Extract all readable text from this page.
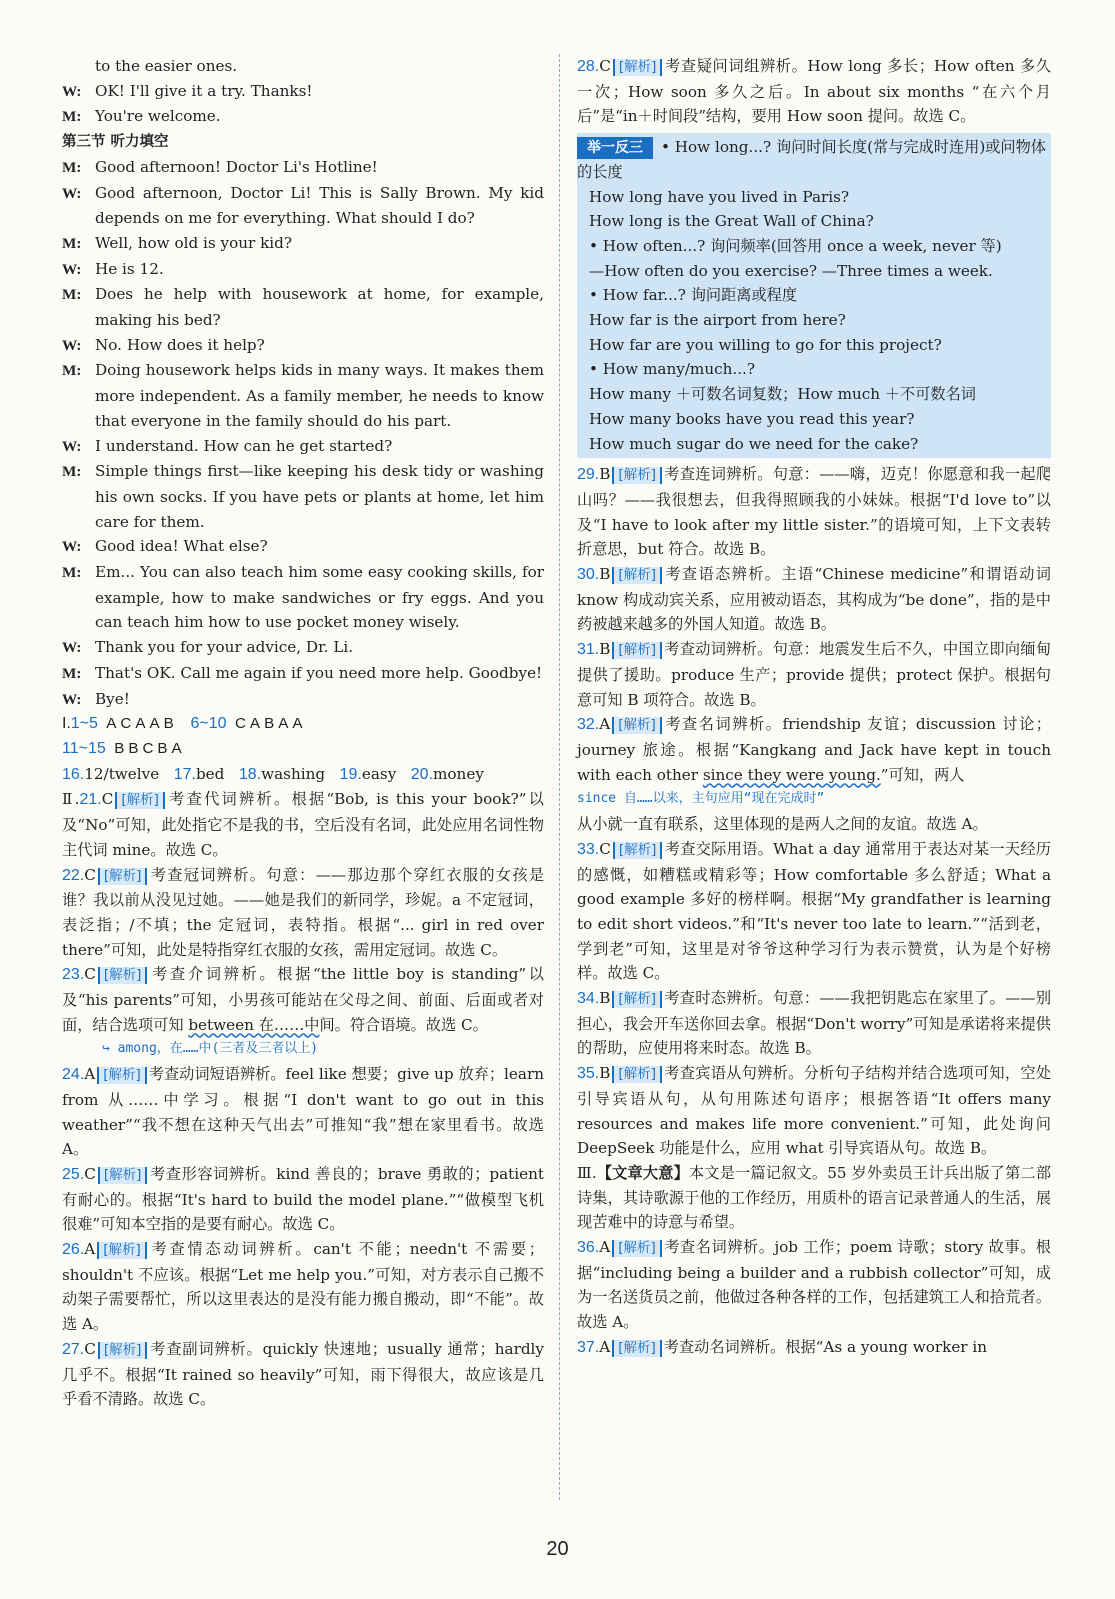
to the easier ones.

W: OK! I'll give it a try. Thanks!

M: You're welcome.

第三节 听力填空

M: Good afternoon! Doctor Li's Hotline!

W: Good afternoon, Doctor Li! This is Sally Brown. My kid depends on me for everything. What should I do?

M: Well, how old is your kid?

W: He is 12.

M: Does he help with housework at home, for example, making his bed?

W: No. How does it help?

M: Doing housework helps kids in many ways. It makes them more independent. As a family member, he needs to know that everyone in the family should do his part.

W: I understand. How can he get started?

M: Simple things first—like keeping his desk tidy or washing his own socks. If you have pets or plants at home, let him care for them.

W: Good idea! What else?

M: Em... You can also teach him some easy cooking skills, for example, how to make sandwiches or fry eggs. And you can teach him how to use pocket money wisely.

W: Thank you for your advice, Dr. Li.

M: That's OK. Call me again if you need more help. Goodbye!

W: Bye!

Ⅰ.1~5 ACAAB 6~10 CABAA

11~15 BBCBA

16.12/twelve 17.bed 18.washing 19.easy 20.money

Ⅱ.21.C [解析] 考查代词辨析。根据“Bob, is this your book?”以及“No”可知，此处指它不是我的书，空后没有名词，此处应用名词性物主代词 mine。故选 C。

22.C [解析] 考查冠词辨析。句意：——那边那个穿红衣服的女孩是谁？我以前从没见过她。——她是我们的新同学，珍妮。a 不定冠词，表泛指；/不填；the 定冠词，表特指。根据“... girl in red over there”可知，此处是特指穿红衣服的女孩，需用定冠词。故选 C。

23.C [解析] 考查介词辨析。根据“the little boy is standing”以及“his parents”可知，小男孩可能站在父母之间、前面、后面或者对面，结合选项可知 between 在……中间。符合语境。故选 C。

↪ among，在……中(三者及三者以上)

24.A [解析] 考查动词短语辨析。feel like 想要；give up 放弃；learn from 从……中学习。根据“I don't want to go out in this weather”“我不想在这种天气出去”可推知“我”想在家里看书。故选 A。

25.C [解析] 考查形容词辨析。kind 善良的；brave 勇敢的；patient 有耐心的。根据“It's hard to build the model plane.”“做模型飞机很难”可知本空指的是要有耐心。故选 C。

26.A [解析] 考查情态动词辨析。can't 不能；needn't 不需要；shouldn't 不应该。根据“Let me help you.”可知，对方表示自己搬不动架子需要帮忙，所以这里表达的是没有能力搬自搬动，即“不能”。故选 A。

27.C [解析] 考查副词辨析。quickly 快速地；usually 通常；hardly 几乎不。根据“It rained so heavily”可知，雨下得很大，故应该是几乎看不清路。故选 C。

28.C [解析] 考查疑问词组辨析。How long 多长；How often 多久一次；How soon 多久之后。In about six months “在六个月后”是“in＋时间段”结构，要用 How soon 提问。故选 C。

举一反三 • How long...? 询问时间长度(常与完成时连用)或问物体的长度

How long have you lived in Paris?

How long is the Great Wall of China?

• How often...? 询问频率(回答用 once a week, never 等)

—How often do you exercise? —Three times a week.

• How far...? 询问距离或程度

How far is the airport from here?

How far are you willing to go for this project?

• How many/much...?

How many ＋可数名词复数；How much ＋不可数名词

How many books have you read this year?

How much sugar do we need for the cake?

29.B [解析] 考查连词辨析。句意：——嗨，迈克！你愿意和我一起爬山吗？——我很想去，但我得照顾我的小妹妹。根据“I'd love to”以及“I have to look after my little sister.”的语境可知，上下文表转折意思，but 符合。故选 B。

30.B [解析] 考查语态辨析。主语“Chinese medicine”和谓语动词 know 构成动宾关系，应用被动语态，其构成为“be done”，指的是中药被越来越多的外国人知道。故选 B。

31.B [解析] 考查动词辨析。句意：地震发生后不久，中国立即向缅甸提供了援助。produce 生产；provide 提供；protect 保护。根据句意可知 B 项符合。故选 B。

32.A [解析] 考查名词辨析。friendship 友谊；discussion 讨论；journey 旅途。根据“Kangkang and Jack have kept in touch with each other since they were young.”可知，两人

since 自……以来，主句应用“现在完成时”

从小就一直有联系，这里体现的是两人之间的友谊。故选 A。

33.C [解析] 考查交际用语。What a day 通常用于表达对某一天经历的感慨，如糟糕或精彩等；How comfortable 多么舒适；What a good example 多好的榜样啊。根据“My grandfather is learning to edit short videos.”和“It's never too late to learn.”“活到老，学到老”可知，这里是对爷爷这种学习行为表示赞赏，认为是个好榜样。故选 C。

34.B [解析] 考查时态辨析。句意：——我把钥匙忘在家里了。——别担心，我会开车送你回去拿。根据“Don't worry”可知是承诺将来提供的帮助，应使用将来时态。故选 B。

35.B [解析] 考查宾语从句辨析。分析句子结构并结合选项可知，空处引导宾语从句，从句用陈述句语序；根据答语“It offers many resources and makes life more convenient.”可知，此处询问 DeepSeek 功能是什么，应用 what 引导宾语从句。故选 B。

Ⅲ.【文章大意】本文是一篇记叙文。55 岁外卖员王计兵出版了第二部诗集，其诗歌源于他的工作经历，用质朴的语言记录普通人的生活，展现苦难中的诗意与希望。

36.A [解析] 考查名词辨析。job 工作；poem 诗歌；story 故事。根据“including being a builder and a rubbish collector”可知，成为一名送货员之前，他做过各种各样的工作，包括建筑工人和拾荒者。故选 A。

37.A [解析] 考查动名词辨析。根据“As a young worker in

20
